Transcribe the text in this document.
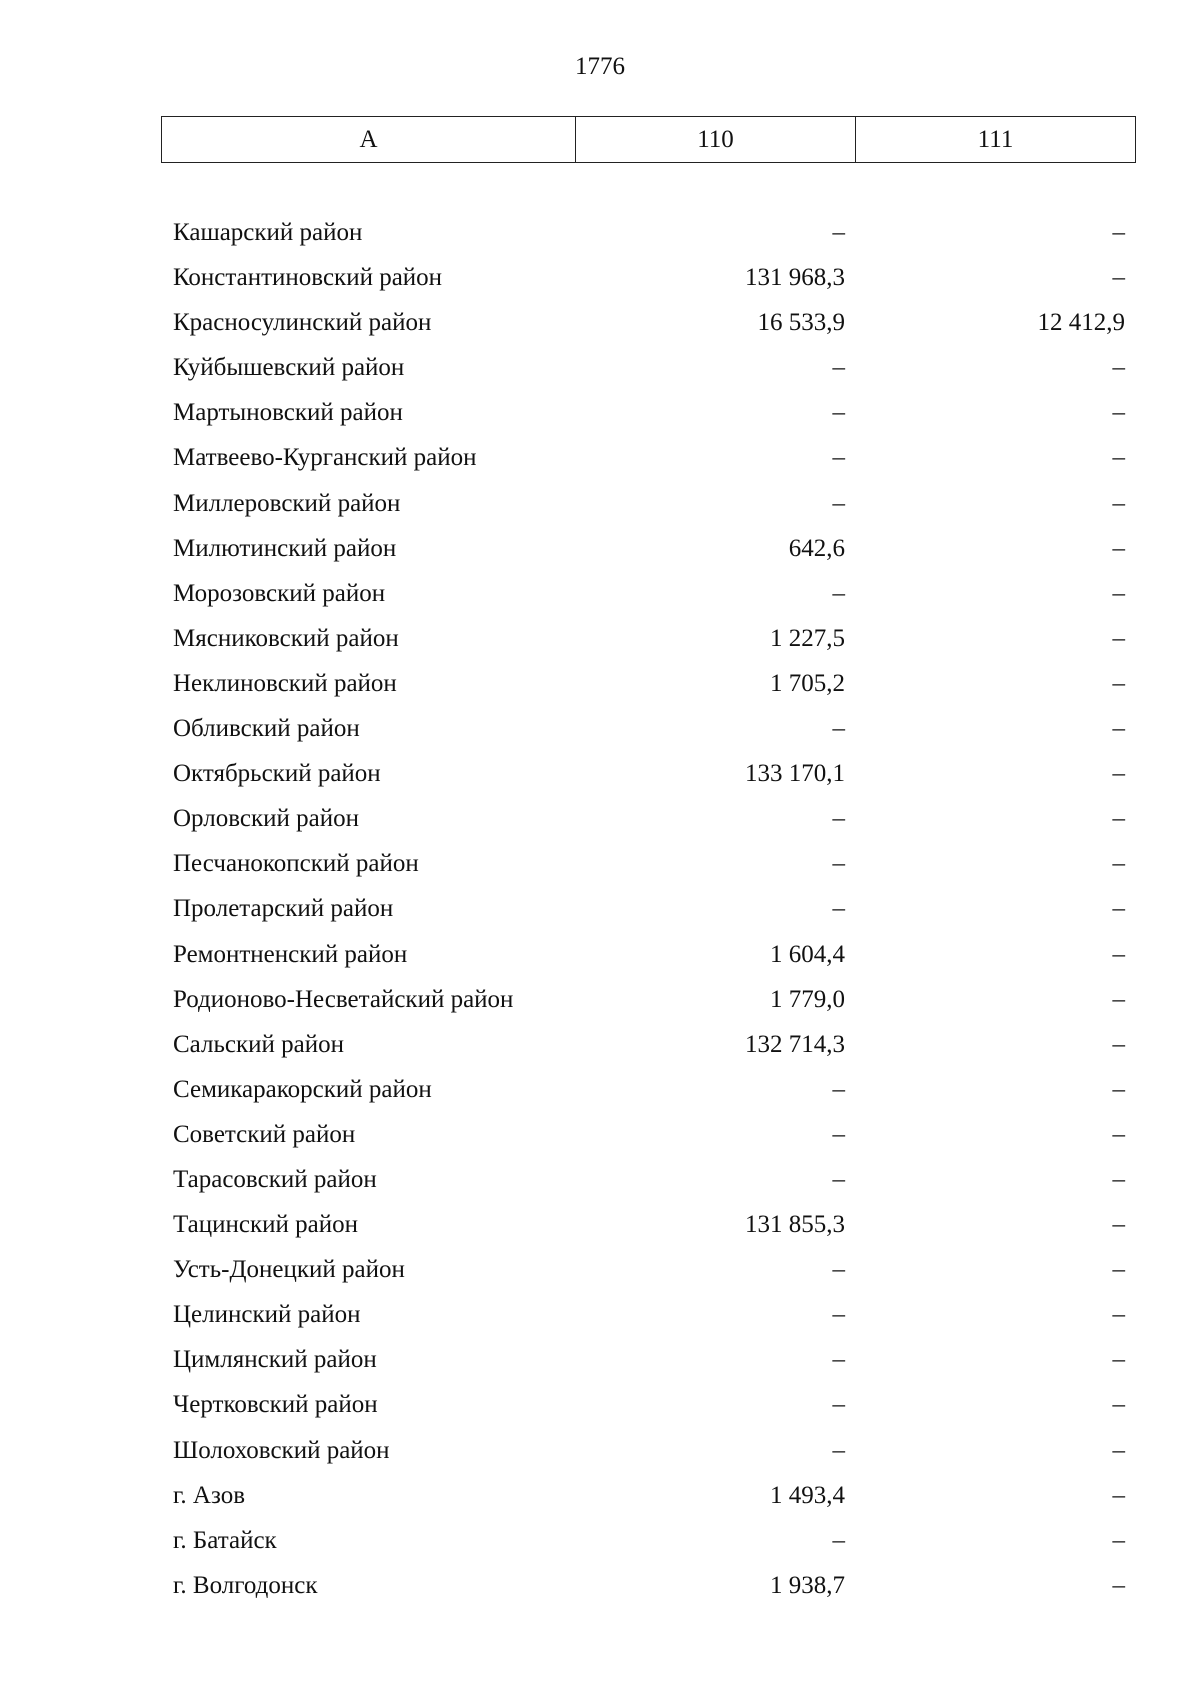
1776
А	110	111
Кашарский район	–	–
Константиновский район	131 968,3	–
Красносулинский район	16 533,9	12 412,9
Куйбышевский район	–	–
Мартыновский район	–	–
Матвеево-Курганский район	–	–
Миллеровский район	–	–
Милютинский район	642,6	–
Морозовский район	–	–
Мясниковский район	1 227,5	–
Неклиновский район	1 705,2	–
Обливский район	–	–
Октябрьский район	133 170,1	–
Орловский район	–	–
Песчанокопский район	–	–
Пролетарский район	–	–
Ремонтненский район	1 604,4	–
Родионово-Несветайский район	1 779,0	–
Сальский район	132 714,3	–
Семикаракорский район	–	–
Советский район	–	–
Тарасовский район	–	–
Тацинский район	131 855,3	–
Усть-Донецкий район	–	–
Целинский район	–	–
Цимлянский район	–	–
Чертковский район	–	–
Шолоховский район	–	–
г. Азов	1 493,4	–
г. Батайск	–	–
г. Волгодонск	1 938,7	–
